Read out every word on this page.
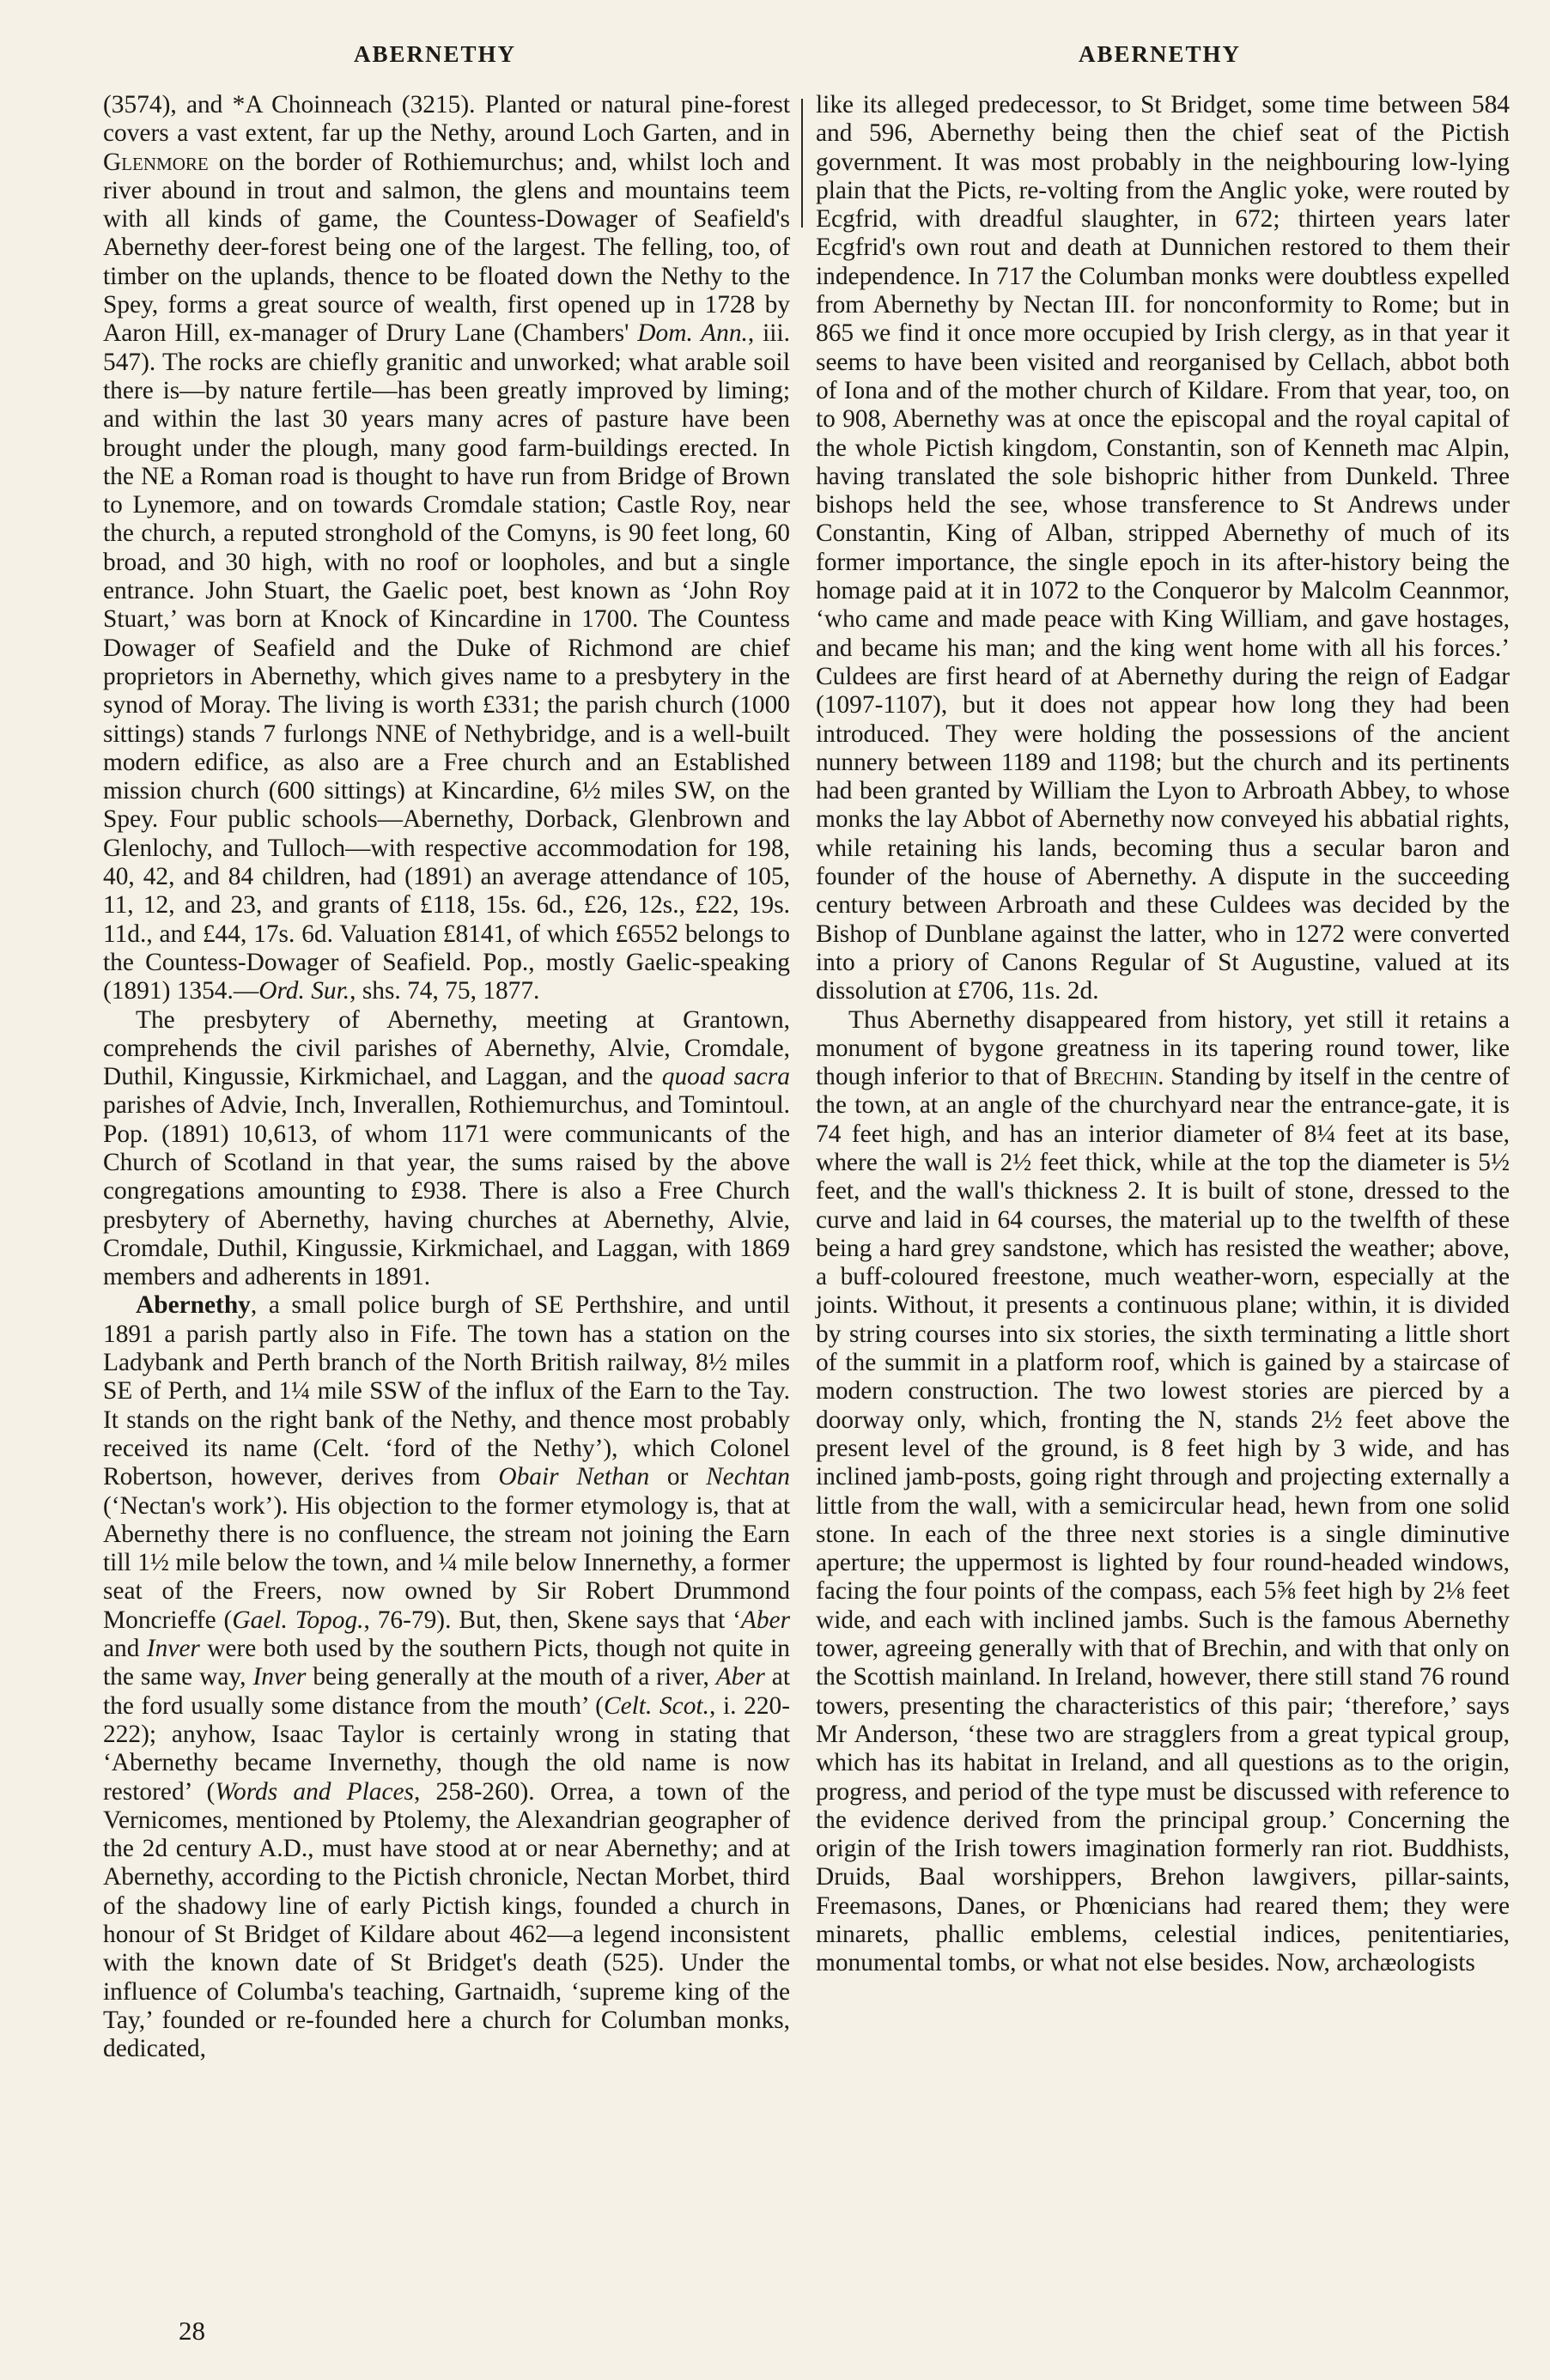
ABERNETHY	ABERNETHY

(3574), and *A Choinneach (3215). Planted or natural pine-forest covers a vast extent, far up the Nethy, around Loch Garten, and in Glenmore on the border of Rothiemurchus; and, whilst loch and river abound in trout and salmon, the glens and mountains teem with all kinds of game, the Countess-Dowager of Seafield's Abernethy deer-forest being one of the largest. The felling, too, of timber on the uplands, thence to be floated down the Nethy to the Spey, forms a great source of wealth, first opened up in 1728 by Aaron Hill, ex-manager of Drury Lane (Chambers' Dom. Ann., iii. 547). The rocks are chiefly granitic and unworked; what arable soil there is—by nature fertile—has been greatly improved by liming; and within the last 30 years many acres of pasture have been brought under the plough, many good farm-buildings erected. In the NE a Roman road is thought to have run from Bridge of Brown to Lynemore, and on towards Cromdale station; Castle Roy, near the church, a reputed stronghold of the Comyns, is 90 feet long, 60 broad, and 30 high, with no roof or loopholes, and but a single entrance. John Stuart, the Gaelic poet, best known as ‘John Roy Stuart,’ was born at Knock of Kincardine in 1700. The Countess Dowager of Seafield and the Duke of Richmond are chief proprietors in Abernethy, which gives name to a presbytery in the synod of Moray. The living is worth £331; the parish church (1000 sittings) stands 7 furlongs NNE of Nethybridge, and is a well-built modern edifice, as also are a Free church and an Established mission church (600 sittings) at Kincardine, 6½ miles SW, on the Spey. Four public schools—Abernethy, Dorback, Glenbrown and Glenlochy, and Tulloch—with respective accommodation for 198, 40, 42, and 84 children, had (1891) an average attendance of 105, 11, 12, and 23, and grants of £118, 15s. 6d., £26, 12s., £22, 19s. 11d., and £44, 17s. 6d. Valuation £8141, of which £6552 belongs to the Countess-Dowager of Seafield. Pop., mostly Gaelic-speaking (1891) 1354.—Ord. Sur., shs. 74, 75, 1877.

The presbytery of Abernethy, meeting at Grantown, comprehends the civil parishes of Abernethy, Alvie, Cromdale, Duthil, Kingussie, Kirkmichael, and Laggan, and the quoad sacra parishes of Advie, Inch, Inverallen, Rothiemurchus, and Tomintoul. Pop. (1891) 10,613, of whom 1171 were communicants of the Church of Scotland in that year, the sums raised by the above congregations amounting to £938. There is also a Free Church presbytery of Abernethy, having churches at Abernethy, Alvie, Cromdale, Duthil, Kingussie, Kirkmichael, and Laggan, with 1869 members and adherents in 1891.

Abernethy, a small police burgh of SE Perthshire, and until 1891 a parish partly also in Fife. The town has a station on the Ladybank and Perth branch of the North British railway, 8½ miles SE of Perth, and 1¼ mile SSW of the influx of the Earn to the Tay. It stands on the right bank of the Nethy, and thence most probably received its name (Celt. ‘ford of the Nethy’), which Colonel Robertson, however, derives from Obair Nethan or Nechtan (‘Nectan's work’). His objection to the former etymology is, that at Abernethy there is no confluence, the stream not joining the Earn till 1½ mile below the town, and ¼ mile below Innernethy, a former seat of the Freers, now owned by Sir Robert Drummond Moncrieffe (Gael. Topog., 76-79). But, then, Skene says that ‘Aber and Inver were both used by the southern Picts, though not quite in the same way, Inver being generally at the mouth of a river, Aber at the ford usually some distance from the mouth’ (Celt. Scot., i. 220-222); anyhow, Isaac Taylor is certainly wrong in stating that ‘Abernethy became Invernethy, though the old name is now restored’ (Words and Places, 258-260). Orrea, a town of the Vernicomes, mentioned by Ptolemy, the Alexandrian geographer of the 2d century A.D., must have stood at or near Abernethy; and at Abernethy, according to the Pictish chronicle, Nectan Morbet, third of the shadowy line of early Pictish kings, founded a church in honour of St Bridget of Kildare about 462—a legend inconsistent with the known date of St Bridget's death (525). Under the influence of Columba's teaching, Gartnaidh, ‘supreme king of the Tay,’ founded or re-founded here a church for Columban monks, dedicated,

like its alleged predecessor, to St Bridget, some time between 584 and 596, Abernethy being then the chief seat of the Pictish government. It was most probably in the neighbouring low-lying plain that the Picts, re-volting from the Anglic yoke, were routed by Ecgfrid, with dreadful slaughter, in 672; thirteen years later Ecgfrid's own rout and death at Dunnichen restored to them their independence. In 717 the Columban monks were doubtless expelled from Abernethy by Nectan III. for nonconformity to Rome; but in 865 we find it once more occupied by Irish clergy, as in that year it seems to have been visited and reorganised by Cellach, abbot both of Iona and of the mother church of Kildare. From that year, too, on to 908, Abernethy was at once the episcopal and the royal capital of the whole Pictish kingdom, Constantin, son of Kenneth mac Alpin, having translated the sole bishopric hither from Dunkeld. Three bishops held the see, whose transference to St Andrews under Constantin, King of Alban, stripped Abernethy of much of its former importance, the single epoch in its after-history being the homage paid at it in 1072 to the Conqueror by Malcolm Ceannmor, ‘who came and made peace with King William, and gave hostages, and became his man; and the king went home with all his forces.’ Culdees are first heard of at Abernethy during the reign of Eadgar (1097-1107), but it does not appear how long they had been introduced. They were holding the possessions of the ancient nunnery between 1189 and 1198; but the church and its pertinents had been granted by William the Lyon to Arbroath Abbey, to whose monks the lay Abbot of Abernethy now conveyed his abbatial rights, while retaining his lands, becoming thus a secular baron and founder of the house of Abernethy. A dispute in the succeeding century between Arbroath and these Culdees was decided by the Bishop of Dunblane against the latter, who in 1272 were converted into a priory of Canons Regular of St Augustine, valued at its dissolution at £706, 11s. 2d.

Thus Abernethy disappeared from history, yet still it retains a monument of bygone greatness in its tapering round tower, like though inferior to that of Brechin. Standing by itself in the centre of the town, at an angle of the churchyard near the entrance-gate, it is 74 feet high, and has an interior diameter of 8¼ feet at its base, where the wall is 2½ feet thick, while at the top the diameter is 5½ feet, and the wall's thickness 2. It is built of stone, dressed to the curve and laid in 64 courses, the material up to the twelfth of these being a hard grey sandstone, which has resisted the weather; above, a buff-coloured freestone, much weather-worn, especially at the joints. Without, it presents a continuous plane; within, it is divided by string courses into six stories, the sixth terminating a little short of the summit in a platform roof, which is gained by a staircase of modern construction. The two lowest stories are pierced by a doorway only, which, fronting the N, stands 2½ feet above the present level of the ground, is 8 feet high by 3 wide, and has inclined jamb-posts, going right through and projecting externally a little from the wall, with a semicircular head, hewn from one solid stone. In each of the three next stories is a single diminutive aperture; the uppermost is lighted by four round-headed windows, facing the four points of the compass, each 5⅝ feet high by 2⅛ feet wide, and each with inclined jambs. Such is the famous Abernethy tower, agreeing generally with that of Brechin, and with that only on the Scottish mainland. In Ireland, however, there still stand 76 round towers, presenting the characteristics of this pair; ‘therefore,’ says Mr Anderson, ‘these two are stragglers from a great typical group, which has its habitat in Ireland, and all questions as to the origin, progress, and period of the type must be discussed with reference to the evidence derived from the principal group.’ Concerning the origin of the Irish towers imagination formerly ran riot. Buddhists, Druids, Baal worshippers, Brehon lawgivers, pillar-saints, Freemasons, Danes, or Phœnicians had reared them; they were minarets, phallic emblems, celestial indices, penitentiaries, monumental tombs, or what not else besides. Now, archæologists

28
